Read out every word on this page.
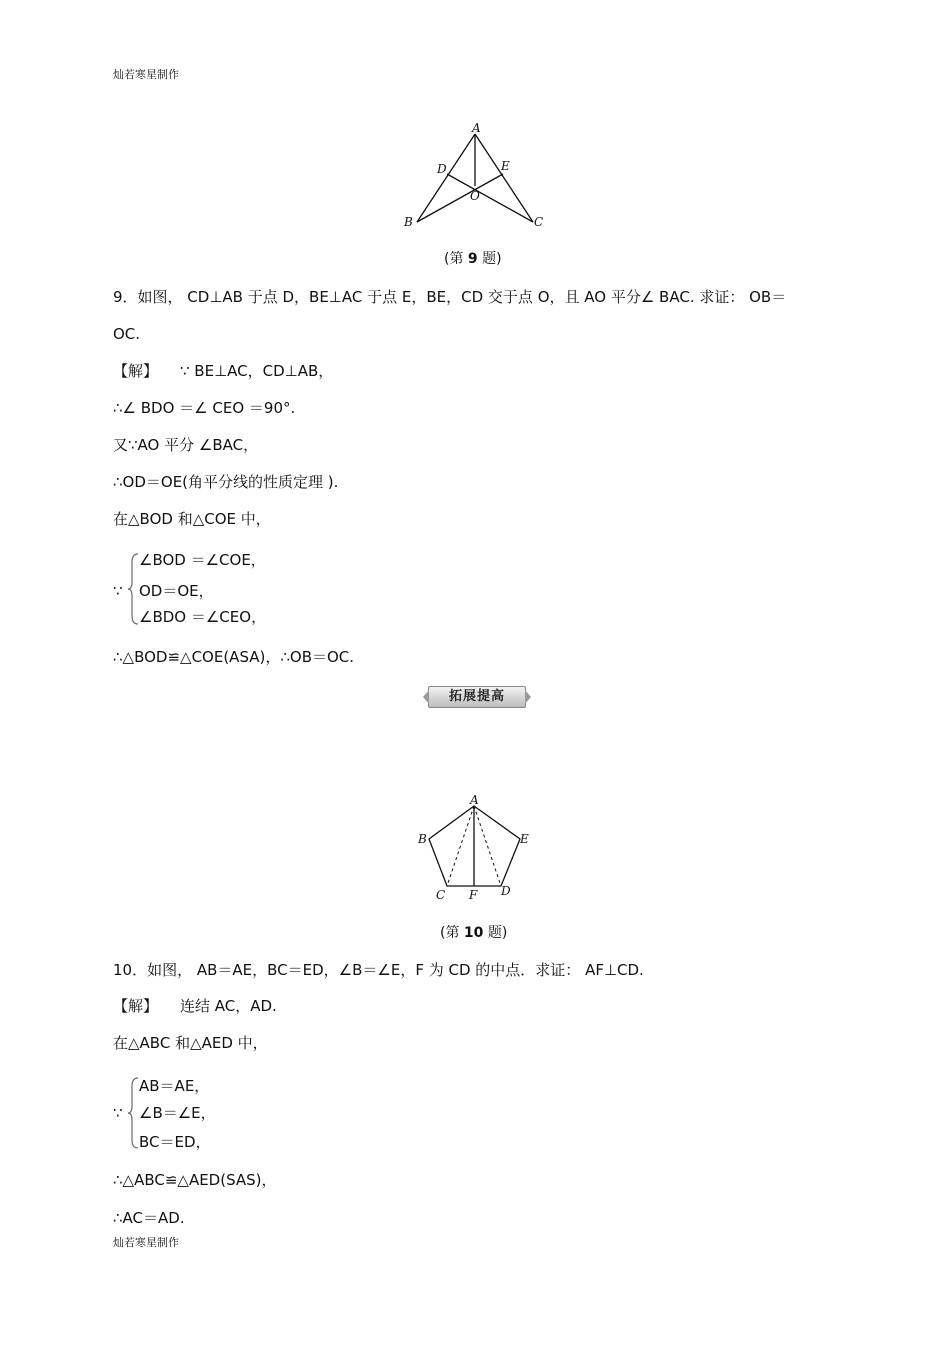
灿若寒星制作
A
D	E
O
B	C
(第 9 题)
9．如图， CD⊥AB 于点 D，BE⊥AC 于点 E，BE，CD 交于点 O，且 AO 平分∠ BAC. 求证： OB＝
OC.
【解】 ∵ BE⊥AC，CD⊥AB，
∴∠ BDO ＝∠ CEO ＝90°.
又∵AO 平分 ∠BAC，
∴OD＝OE(角平分线的性质定理 ).
在△BOD 和△COE 中，
∵
∠BOD ＝∠COE，
OD＝OE，
∠BDO ＝∠CEO，
∴△BOD≌△COE(ASA)，∴OB＝OC.
拓展提高
A
B	E
C F D
(第 10 题)
10．如图， AB＝AE，BC＝ED，∠B＝∠E，F 为 CD 的中点．求证： AF⊥CD.
【解】 连结 AC，AD.
在△ABC 和△AED 中，
∵
AB＝AE，
∠B＝∠E，
BC＝ED，
∴△ABC≌△AED(SAS)，
∴AC＝AD.
灿若寒星制作
